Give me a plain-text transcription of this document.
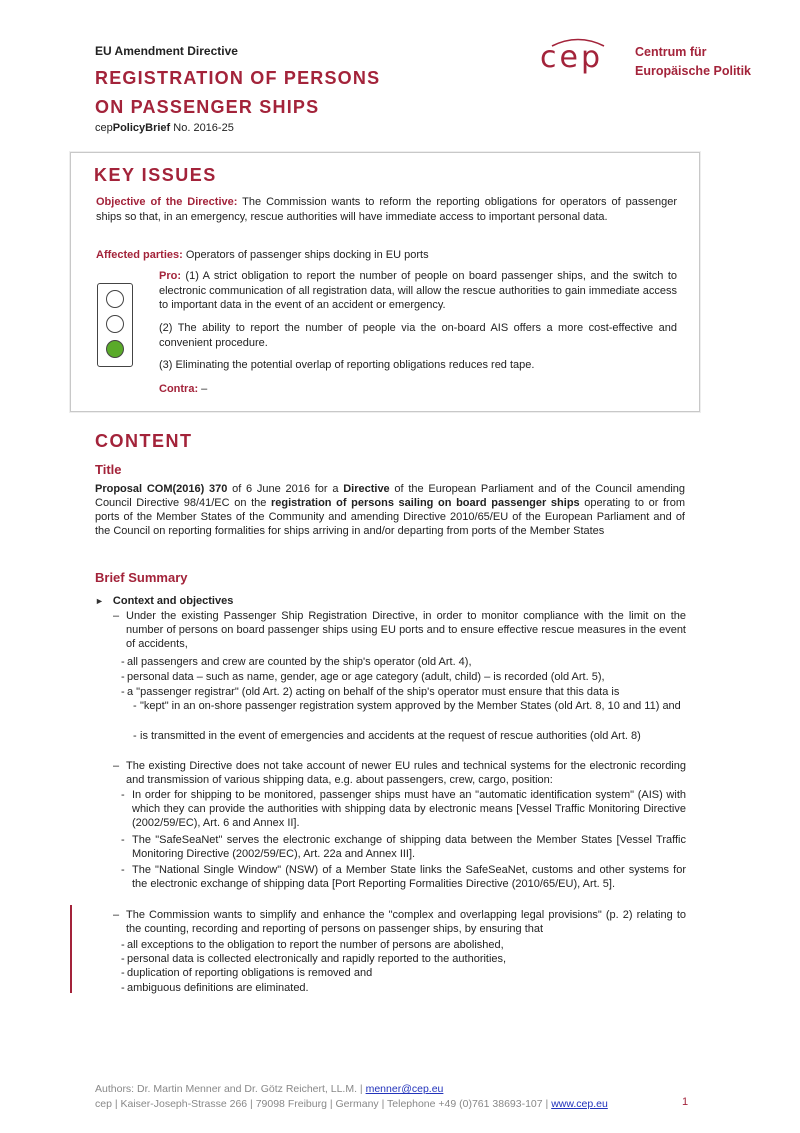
EU Amendment Directive
REGISTRATION OF PERSONS
ON PASSENGER SHIPS
cepPolicyBrief No. 2016-25
cep	Centrum für
Europäische Politik
KEY ISSUES
Objective of the Directive: The Commission wants to reform the reporting obligations for operators of passenger ships so that, in an emergency, rescue authorities will have immediate access to important personal data.
Affected parties: Operators of passenger ships docking in EU ports
Pro: (1) A strict obligation to report the number of people on board passenger ships, and the switch to electronic communication of all registration data, will allow the rescue authorities to gain immediate access to important data in the event of an accident or emergency.
(2) The ability to report the number of people via the on-board AIS offers a more cost-effective and convenient procedure.
(3) Eliminating the potential overlap of reporting obligations reduces red tape.
Contra: –
CONTENT
Title
Proposal COM(2016) 370 of 6 June 2016 for a Directive of the European Parliament and of the Council amending Council Directive 98/41/EC on the registration of persons sailing on board passenger ships operating to or from ports of the Member States of the Community and amending Directive 2010/65/EU of the European Parliament and of the Council on reporting formalities for ships arriving in and/or departing from ports of the Member States
Brief Summary
► Context and objectives
– Under the existing Passenger Ship Registration Directive, in order to monitor compliance with the limit on the number of persons on board passenger ships using EU ports and to ensure effective rescue measures in the event of accidents,
- all passengers and crew are counted by the ship's operator (old Art. 4),
- personal data – such as name, gender, age or age category (adult, child) – is recorded (old Art. 5),
- a "passenger registrar" (old Art. 2) acting on behalf of the ship's operator must ensure that this data is
- "kept" in an on-shore passenger registration system approved by the Member States (old Art. 8, 10 and 11) and
- is transmitted in the event of emergencies and accidents at the request of rescue authorities (old Art. 8)
– The existing Directive does not take account of newer EU rules and technical systems for the electronic recording and transmission of various shipping data, e.g. about passengers, crew, cargo, position:
- In order for shipping to be monitored, passenger ships must have an "automatic identification system" (AIS) with which they can provide the authorities with shipping data by electronic means [Vessel Traffic Monitoring Directive (2002/59/EC), Art. 6 and Annex II].
- The "SafeSeaNet" serves the electronic exchange of shipping data between the Member States [Vessel Traffic Monitoring Directive (2002/59/EC), Art. 22a and Annex III].
- The "National Single Window" (NSW) of a Member State links the SafeSeaNet, customs and other systems for the electronic exchange of shipping data [Port Reporting Formalities Directive (2010/65/EU), Art. 5].
– The Commission wants to simplify and enhance the "complex and overlapping legal provisions" (p. 2) relating to the counting, recording and reporting of persons on passenger ships, by ensuring that
- all exceptions to the obligation to report the number of persons are abolished,
- personal data is collected electronically and rapidly reported to the authorities,
- duplication of reporting obligations is removed and
- ambiguous definitions are eliminated.
Authors: Dr. Martin Menner and Dr. Götz Reichert, LL.M. | menner@cep.eu
cep | Kaiser-Joseph-Strasse 266 | 79098 Freiburg | Germany | Telephone +49 (0)761 38693-107 | www.cep.eu	1
